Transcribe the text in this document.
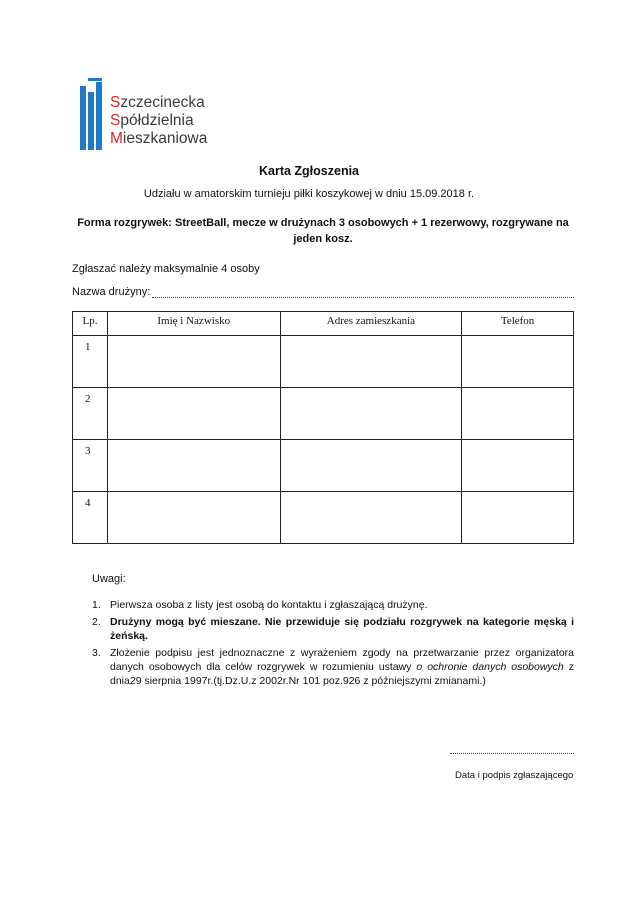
Szczecinecka
Spółdzielnia
Mieszkaniowa
Karta Zgłoszenia
Udziału w amatorskim turnieju piłki koszykowej w dniu 15.09.2018 r.
Forma rozgrywek: StreetBall, mecze w drużynach 3 osobowych + 1 rezerwowy, rozgrywane na jeden kosz.
Zgłaszać należy maksymalnie 4 osoby
Nazwa drużyny:
Lp.	Imię i Nazwisko	Adres zamieszkania	Telefon
1			
2			
3			
4			
Uwagi:
1. Pierwsza osoba z listy jest osobą do kontaktu i zgłaszającą drużynę.
2. Drużyny mogą być mieszane. Nie przewiduje się podziału rozgrywek na kategorie męską i żeńską.
3. Złożenie podpisu jest jednoznaczne z wyrażeniem zgody na przetwarzanie przez organizatora danych osobowych dla celów rozgrywek w rozumieniu ustawy o ochronie danych osobowych z dnia29 sierpnia 1997r.(tj.Dz.U.z 2002r.Nr 101 poz.926 z późniejszymi zmianami.)
Data i podpis zgłaszającego
